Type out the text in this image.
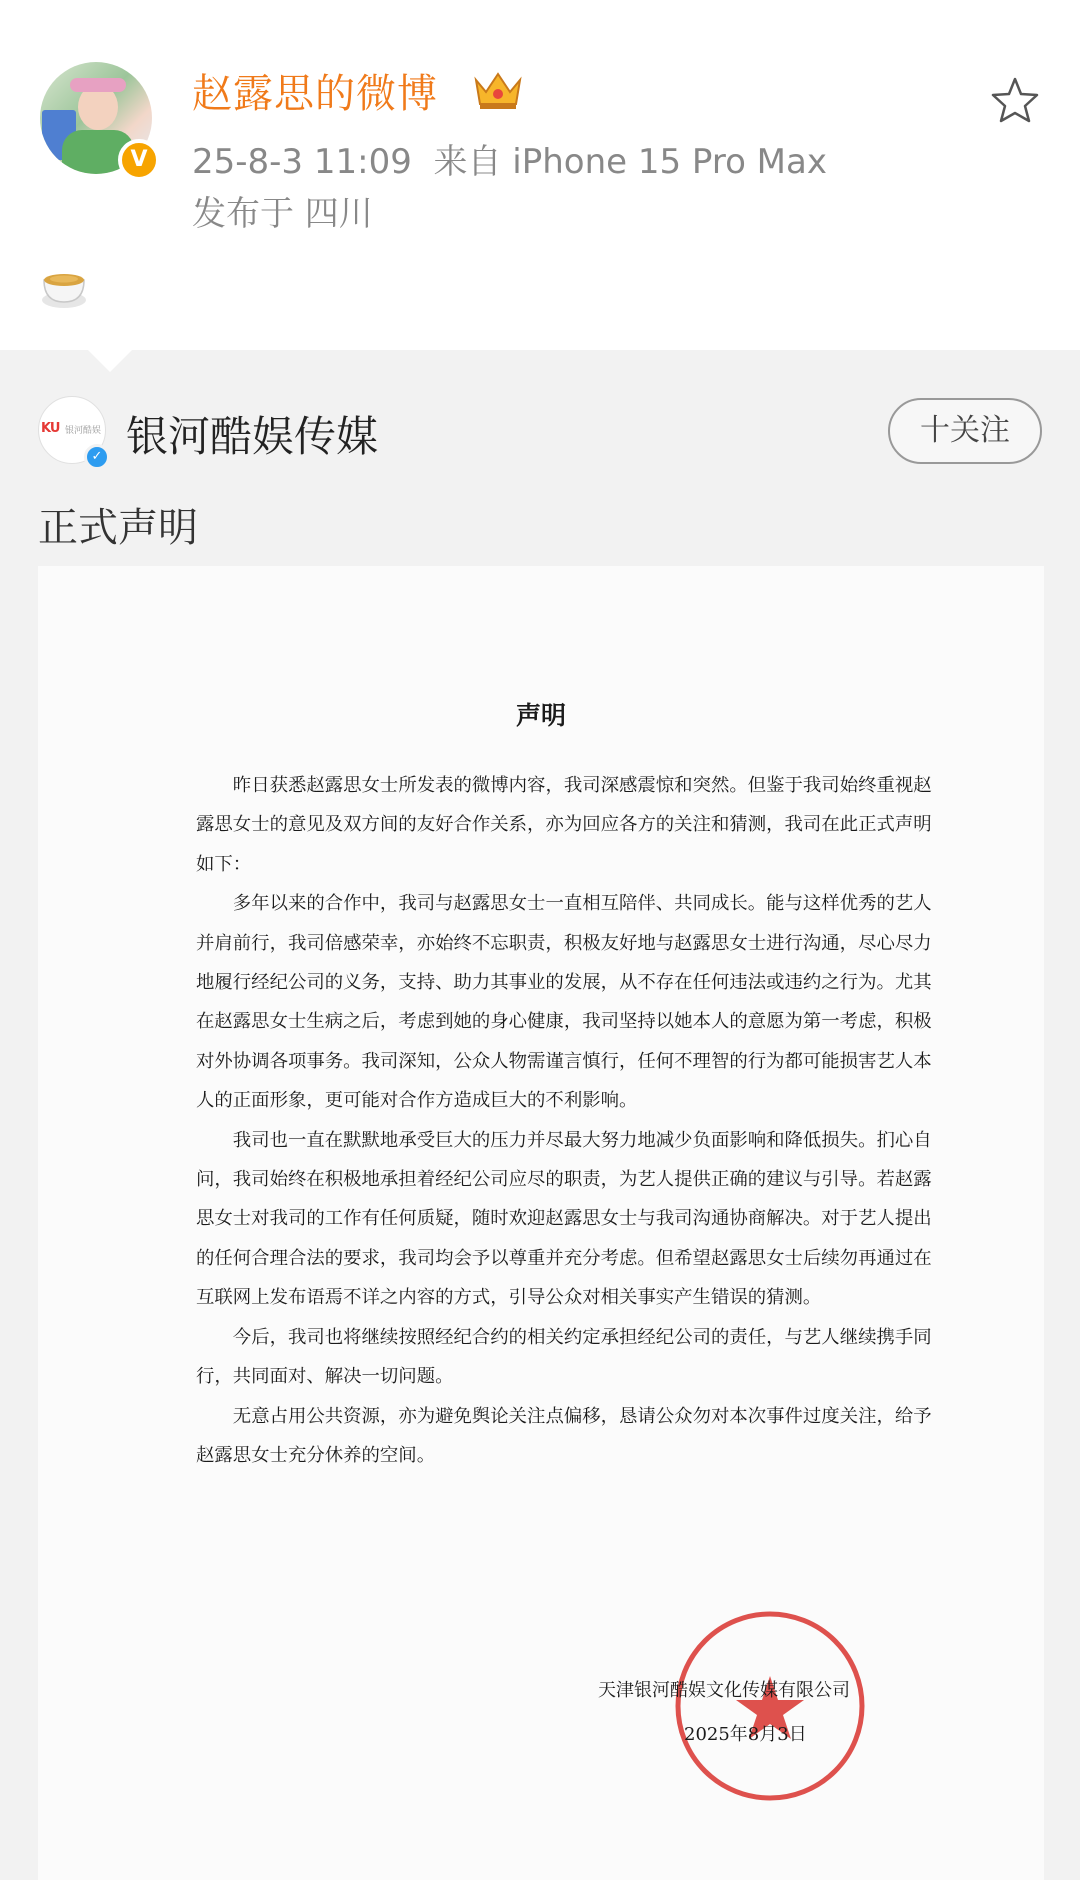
V
赵露思的微博
25-8-3 11:09 来自 iPhone 15 Pro Max
发布于 四川
KU 银河酷娱
✓ 银河酷娱传媒	十关注
正式声明
声明

昨日获悉赵露思女士所发表的微博内容，我司深感震惊和突然。但鉴于我司始终重视赵露思女士的意见及双方间的友好合作关系，亦为回应各方的关注和猜测，我司在此正式声明如下：

多年以来的合作中，我司与赵露思女士一直相互陪伴、共同成长。能与这样优秀的艺人并肩前行，我司倍感荣幸，亦始终不忘职责，积极友好地与赵露思女士进行沟通，尽心尽力地履行经纪公司的义务，支持、助力其事业的发展，从不存在任何违法或违约之行为。尤其在赵露思女士生病之后，考虑到她的身心健康，我司坚持以她本人的意愿为第一考虑，积极对外协调各项事务。我司深知，公众人物需谨言慎行，任何不理智的行为都可能损害艺人本人的正面形象，更可能对合作方造成巨大的不利影响。

我司也一直在默默地承受巨大的压力并尽最大努力地减少负面影响和降低损失。扪心自问，我司始终在积极地承担着经纪公司应尽的职责，为艺人提供正确的建议与引导。若赵露思女士对我司的工作有任何质疑，随时欢迎赵露思女士与我司沟通协商解决。对于艺人提出的任何合理合法的要求，我司均会予以尊重并充分考虑。但希望赵露思女士后续勿再通过在互联网上发布语焉不详之内容的方式，引导公众对相关事实产生错误的猜测。

今后，我司也将继续按照经纪合约的相关约定承担经纪公司的责任，与艺人继续携手同行，共同面对、解决一切问题。

无意占用公共资源，亦为避免舆论关注点偏移，恳请公众勿对本次事件过度关注，给予赵露思女士充分休养的空间。

天津银河酷娱文化传媒有限公司
2025年8月3日
